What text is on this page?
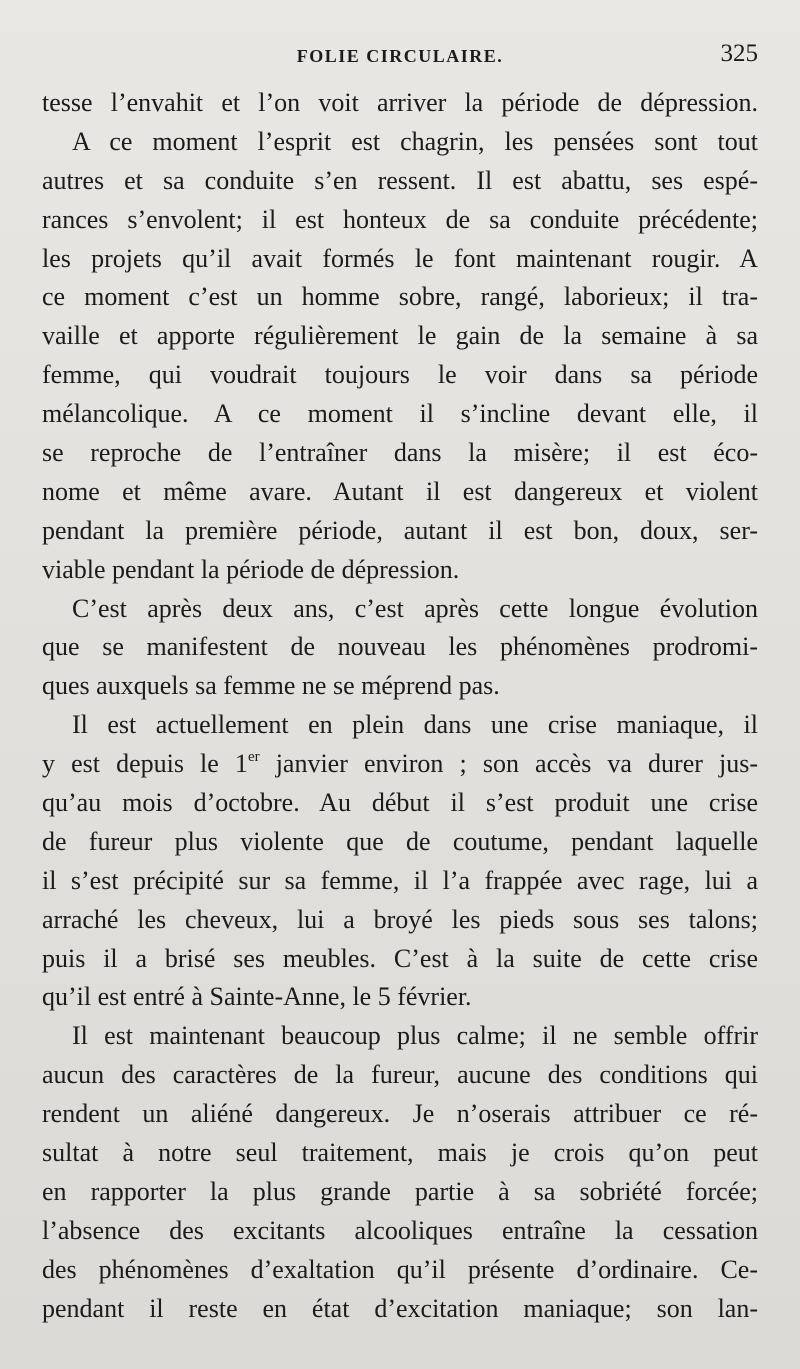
FOLIE CIRCULAIRE.	325
tesse l’envahit et l’on voit arriver la période de dépression.
A ce moment l’esprit est chagrin, les pensées sont tout
autres et sa conduite s’en ressent. Il est abattu, ses espé-
rances s’envolent; il est honteux de sa conduite précédente;
les projets qu’il avait formés le font maintenant rougir. A
ce moment c’est un homme sobre, rangé, laborieux; il tra-
vaille et apporte régulièrement le gain de la semaine à sa
femme, qui voudrait toujours le voir dans sa période
mélancolique. A ce moment il s’incline devant elle, il
se reproche de l’entraîner dans la misère; il est éco-
nome et même avare. Autant il est dangereux et violent
pendant la première période, autant il est bon, doux, ser-
viable pendant la période de dépression.
C’est après deux ans, c’est après cette longue évolution
que se manifestent de nouveau les phénomènes prodromi-
ques auxquels sa femme ne se méprend pas.
Il est actuellement en plein dans une crise maniaque, il
y est depuis le 1er janvier environ ; son accès va durer jus-
qu’au mois d’octobre. Au début il s’est produit une crise
de fureur plus violente que de coutume, pendant laquelle
il s’est précipité sur sa femme, il l’a frappée avec rage, lui a
arraché les cheveux, lui a broyé les pieds sous ses talons;
puis il a brisé ses meubles. C’est à la suite de cette crise
qu’il est entré à Sainte-Anne, le 5 février.
Il est maintenant beaucoup plus calme; il ne semble offrir
aucun des caractères de la fureur, aucune des conditions qui
rendent un aliéné dangereux. Je n’oserais attribuer ce ré-
sultat à notre seul traitement, mais je crois qu’on peut
en rapporter la plus grande partie à sa sobriété forcée;
l’absence des excitants alcooliques entraîne la cessation
des phénomènes d’exaltation qu’il présente d’ordinaire. Ce-
pendant il reste en état d’excitation maniaque; son lan-
